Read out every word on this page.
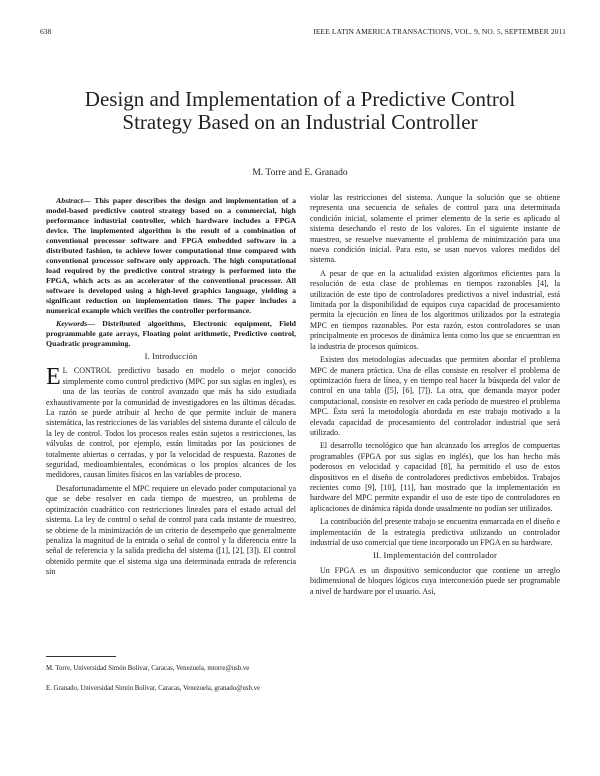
638	IEEE LATIN AMERICA TRANSACTIONS, VOL. 9, NO. 5, SEPTEMBER 2011
Design and Implementation of a Predictive Control Strategy Based on an Industrial Controller
M. Torre and E. Granado

Abstract— This paper describes the design and implementation of a model-based predictive control strategy based on a commercial, high performance industrial controller, which hardware includes a FPGA device. The implemented algorithm is the result of a combination of conventional processor software and FPGA embedded software in a distributed fashion, to achieve lower computational time compared with conventional processor software only approach. The high computational load required by the predictive control strategy is performed into the FPGA, which acts as an accelerator of the conventional processor. All software is developed using a high-level graphics language, yielding a significant reduction on implementation times. The paper includes a numerical example which verifies the controller performance.

Keywords— Distributed algorithms, Electronic equipment, Field programmable gate arrays, Floating point arithmetic, Predictive control, Quadratic programming.

I. Introducción

E L CONTROL predictivo basado en modelo o mejor conocido simplemente como control predictivo (MPC por sus siglas en ingles), es una de las teorías de control avanzado que más ha sido estudiada exhaustivamente por la comunidad de investigadores en las últimas décadas. La razón se puede atribuir al hecho de que permite incluir de manera sistemática, las restricciones de las variables del sistema durante el cálculo de la ley de control. Todos los procesos reales están sujetos a restricciones, las válvulas de control, por ejemplo, están limitadas por las posiciones de totalmente abiertas o cerradas, y por la velocidad de respuesta. Razones de seguridad, medioambientales, económicas o los propios alcances de los medidores, causan límites físicos en las variables de proceso.

Desafortunadamente el MPC requiere un elevado poder computacional ya que se debe resolver en cada tiempo de muestreo, un problema de optimización cuadrático con restricciones lineales para el estado actual del sistema. La ley de control o señal de control para cada instante de muestreo, se obtiene de la minimización de un criterio de desempeño que generalmente penaliza la magnitud de la entrada o señal de control y la diferencia entre la señal de referencia y la salida predicha del sistema ([1], [2], [3]). El control obtenido permite que el sistema siga una determinada entrada de referencia sin

M. Torre, Universidad Simón Bolívar, Caracas, Venezuela, mtorre@usb.ve
E. Granado, Universidad Simón Bolívar, Caracas, Venezuela, granado@usb.ve

violar las restricciones del sistema. Aunque la solución que se obtiene representa una secuencia de señales de control para una determinada condición inicial, solamente el primer elemento de la serie es aplicado al sistema desechando el resto de los valores. En el siguiente instante de muestreo, se resuelve nuevamente el problema de minimización para una nueva condición inicial. Para esto, se usan nuevos valores medidos del sistema.

A pesar de que en la actualidad existen algoritmos eficientes para la resolución de esta clase de problemas en tiempos razonables [4], la utilización de este tipo de controladores predictivos a nivel industrial, está limitada por la disponibilidad de equipos cuya capacidad de procesamiento permita la ejecución en línea de los algoritmos utilizados por la estrategia MPC en tiempos razonables. Por esta razón, estos controladores se usan principalmente en procesos de dinámica lenta como los que se encuentran en la industria de procesos químicos.

Existen dos metodologías adecuadas que permiten abordar el problema MPC de manera práctica. Una de ellas consiste en resolver el problema de optimización fuera de línea, y en tiempo real hacer la búsqueda del valor de control en una tabla ([5], [6], [7]). La otra, que demanda mayor poder computacional, consiste en resolver en cada período de muestreo el problema MPC. Ésta será la metodología abordada en este trabajo motivado a la elevada capacidad de procesamiento del controlador industrial que será utilizado.

El desarrollo tecnológico que han alcanzado los arreglos de compuertas programables (FPGA por sus siglas en inglés), que los han hecho más poderosos en velocidad y capacidad [8], ha permitido el uso de estos dispositivos en el diseño de controladores predictivos embebidos. Trabajos recientes como [9], [10], [11], han mostrado que la implementación en hardware del MPC permite expandir el uso de este tipo de controladores en aplicaciones de dinámica rápida donde usualmente no podían ser utilizados.

La contribución del presente trabajo se encuentra enmarcada en el diseño e implementación de la estrategia predictiva utilizando un controlador industrial de uso comercial que tiene incorporado un FPGA en su hardware.

II. Implementación del controlador

Un FPGA es un dispositivo semiconductor que contiene un arreglo bidimensional de bloques lógicos cuya interconexión puede ser programable a nivel de hardware por el usuario. Así,
